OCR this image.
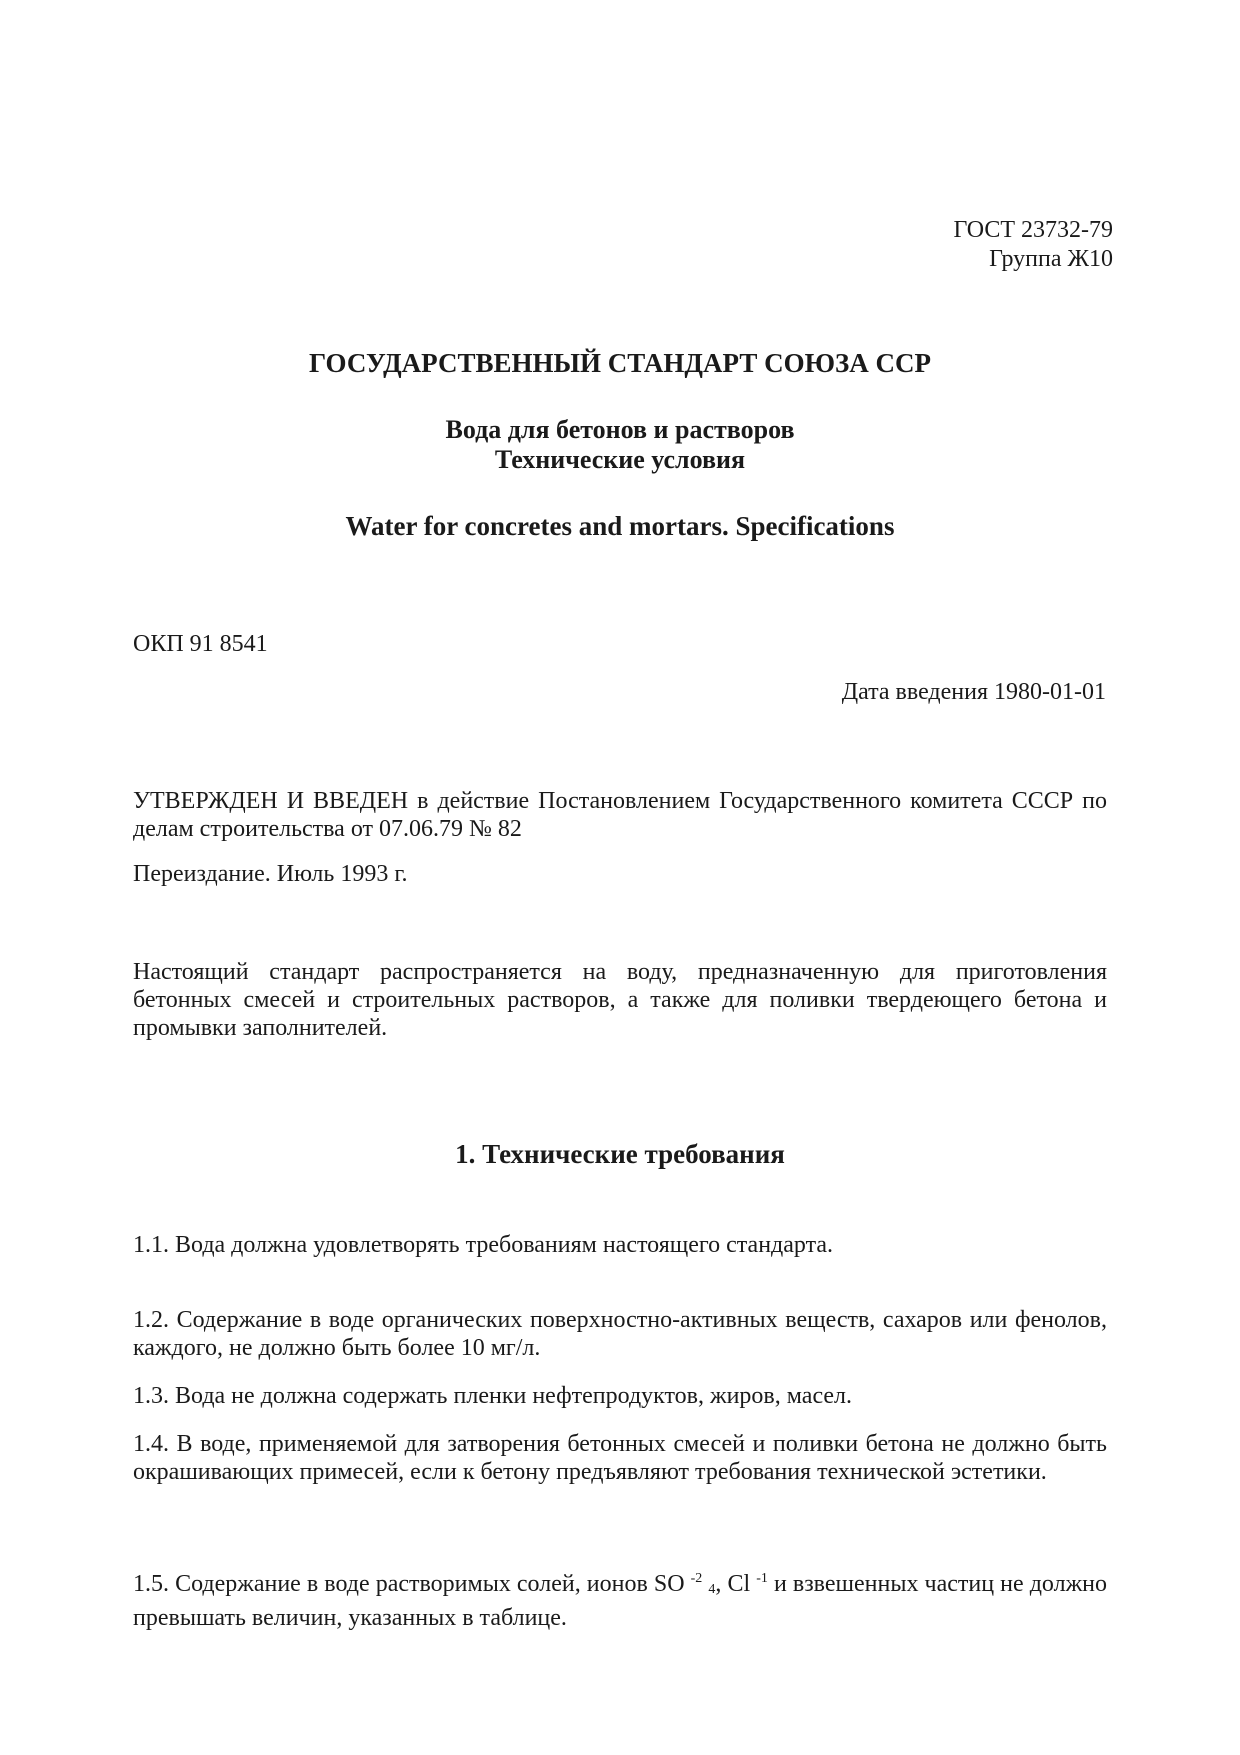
ГОСТ 23732-79
Группа Ж10
ГОСУДАРСТВЕННЫЙ СТАНДАРТ СОЮЗА ССР
Вода для бетонов и растворов
Технические условия
Water for concretes and mortars. Specifications
ОКП 91 8541
Дата введения 1980-01-01
УТВЕРЖДЕН И ВВЕДЕН в действие Постановлением Государственного комитета СССР по делам строительства от 07.06.79 № 82
Переиздание. Июль 1993 г.
Настоящий стандарт распространяется на воду, предназначенную для приготовления бетонных смесей и строительных растворов, а также для поливки твердеющего бетона и промывки заполнителей.
1. Технические требования
1.1. Вода должна удовлетворять требованиям настоящего стандарта.
1.2. Содержание в воде органических поверхностно-активных веществ, сахаров или фенолов, каждого, не должно быть более 10 мг/л.
1.3. Вода не должна содержать пленки нефтепродуктов, жиров, масел.
1.4. В воде, применяемой для затворения бетонных смесей и поливки бетона не должно быть окрашивающих примесей, если к бетону предъявляют требования технической эстетики.
1.5. Содержание в воде растворимых солей, ионов SO $^{-2}$ $_4$, Cl $^{-1}$ и взвешенных частиц не должно превышать величин, указанных в таблице.
